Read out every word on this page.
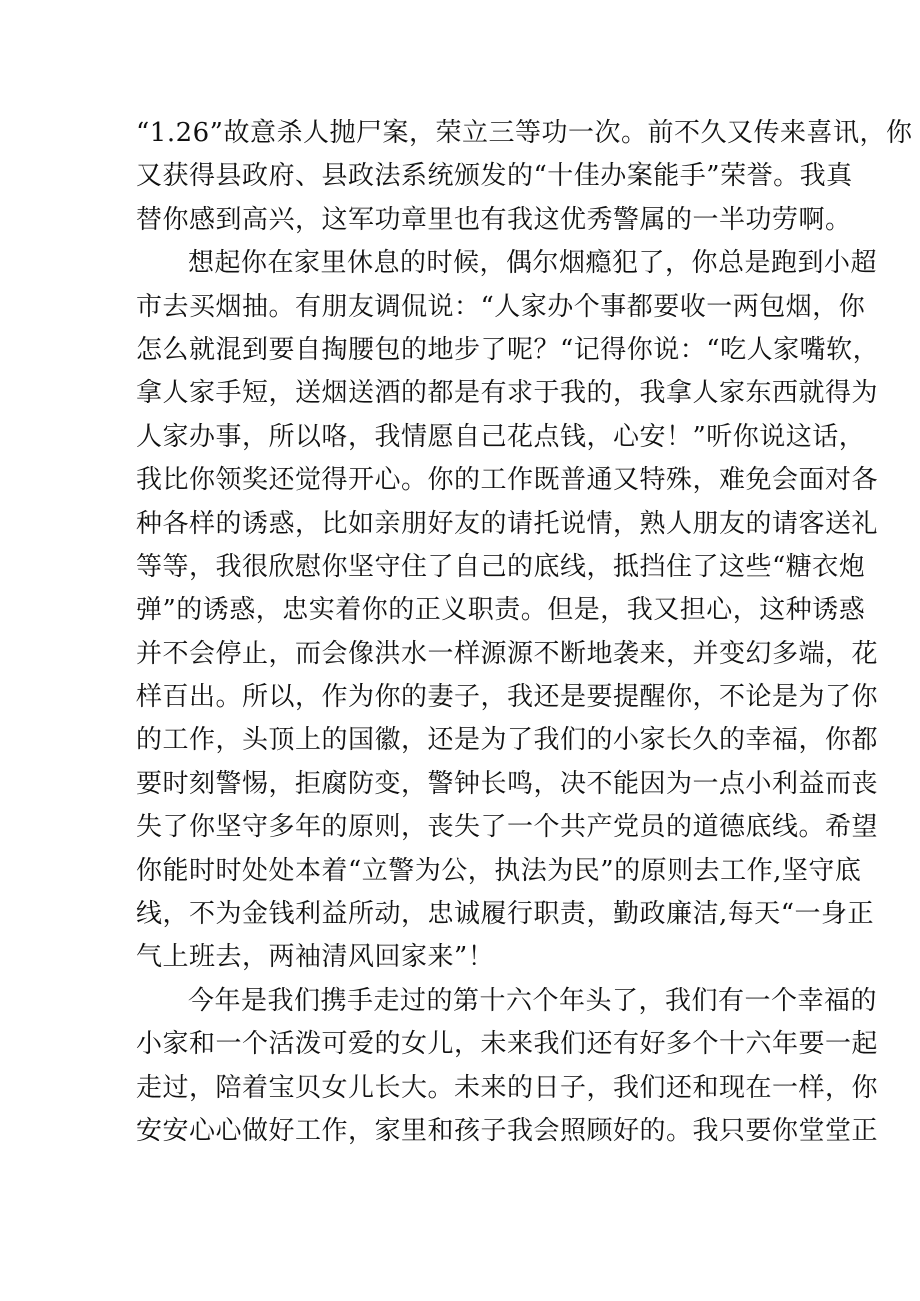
“1.26”故意杀人抛尸案，荣立三等功一次。前不久又传来喜讯，你
又获得县政府、县政法系统颁发的“十佳办案能手”荣誉。我真
替你感到高兴，这军功章里也有我这优秀警属的一半功劳啊。
想起你在家里休息的时候，偶尔烟瘾犯了，你总是跑到小超
市去买烟抽。有朋友调侃说：“人家办个事都要收一两包烟，你
怎么就混到要自掏腰包的地步了呢？“记得你说：“吃人家嘴软，
拿人家手短，送烟送酒的都是有求于我的，我拿人家东西就得为
人家办事，所以咯，我情愿自己花点钱，心安！”听你说这话，
我比你领奖还觉得开心。你的工作既普通又特殊，难免会面对各
种各样的诱惑，比如亲朋好友的请托说情，熟人朋友的请客送礼
等等，我很欣慰你坚守住了自己的底线，抵挡住了这些“糖衣炮
弹”的诱惑，忠实着你的正义职责。但是，我又担心，这种诱惑
并不会停止，而会像洪水一样源源不断地袭来，并变幻多端，花
样百出。所以，作为你的妻子，我还是要提醒你，不论是为了你
的工作，头顶上的国徽，还是为了我们的小家长久的幸福，你都
要时刻警惕，拒腐防变，警钟长鸣，决不能因为一点小利益而丧
失了你坚守多年的原则，丧失了一个共产党员的道德底线。希望
你能时时处处本着“立警为公，执法为民”的原则去工作,坚守底
线，不为金钱利益所动，忠诚履行职责，勤政廉洁,每天“一身正
气上班去，两袖清风回家来”！
今年是我们携手走过的第十六个年头了，我们有一个幸福的
小家和一个活泼可爱的女儿，未来我们还有好多个十六年要一起
走过，陪着宝贝女儿长大。未来的日子，我们还和现在一样，你
安安心心做好工作，家里和孩子我会照顾好的。我只要你堂堂正
